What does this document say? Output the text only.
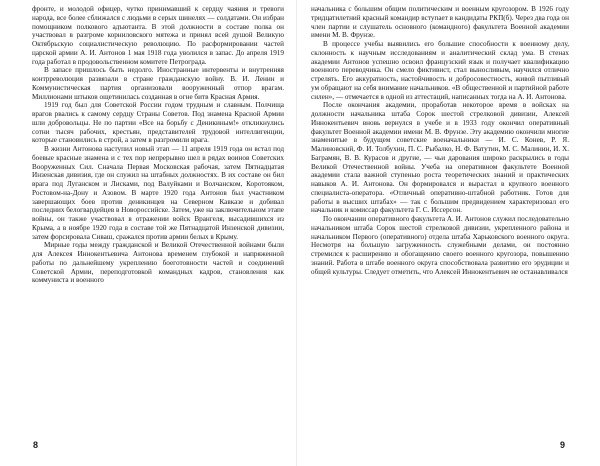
фронте, и молодой офицер, чутко принимавший к сердцу чаяния и тревоги народа, все более сближался с людьми в серых шинелях — солдатами. Он избран помощником полкового адъютанта. В этой должности в составе полка он участвовал в разгроме корниловского мятежа и принял всей душой Великую Октябрьскую социалистическую революцию. По расформировании частей царской армии А. И. Антонов 1 мая 1918 года уволился в запас. До апреля 1919 года работал в продовольственном комитете Петрограда.

В запасе пришлось быть недолго. Иностранные интервенты и внутренняя контрреволюция развязали в стране гражданскую войну. В. И. Ленин и Коммунистическая партия организовали вооруженный отпор врагам. Миллионами штыков ощетинилась созданная в огне битв Красная Армия.

1919 год был для Советской России годом трудным и славным. Полчища врагов рвались к самому сердцу Страны Советов. Под знамена Красной Армии шли добровольцы. Не по партии «Все на борьбу с Деникиным!» откликнулись сотни тысяч рабочих, крестьян, представителей трудовой интеллигенции, которые становились в строй, а затем в разгромили врага.

В жизни Антонова наступил новый этап — 11 апреля 1919 года он встал под боевые красные знамена и с тех пор непрерывно шел в рядах воинов Советских Вооруженных Сил. Сначала Первая Московская рабочая, затем Пятнадцатая Инзенская дивизия, где он служил на штабных должностях. В их составе он бил врага под Луганском и Лисками, под Валуйками и Волчанском, Коротояком, Ростовом-на-Дону и Азовом. В марте 1920 года Антонов был участником завершающих боев против деникинцев на Северном Кавказе и добивал последних белогвардейцев в Новороссийске. Затем, уже на заключительном этапе войны, он также участвовал в отражении войск Врангеля, высадившихся из Крыма, а в ноябре 1920 года в составе той же Пятнадцатой Инзенской дивизии, затем форсировала Сиваш, сражался против армии белых в Крыму.

Мирные годы между гражданской и Великой Отечественной войнами были для Алексея Иннокентьевича Антонова временем глубокой и напряженной работы по дальнейшему укреплению боеготовности частей и соединений Советской Армии, переподготовкой командных кадров, становления как коммуниста и военного

начальника с большим общим политическим и военным кругозором. В 1926 году тридцатилетний красный командир вступает в кандидаты РКП(б). Через два года он член партии и слушатель основного (командного) факультета Военной академии имени М. В. Фрунзе.

В процессе учебы выявились его большие способности к военному делу, склонность к научным исследованиям и аналитический склад ума. В стенах академии Антонов успешно освоил французский язык и получает квалификацию военного переводчика. Он смело фиктивист, стал выносливым, научился отлично стрелять. Его аккуратность, настойчивость и добросовестность, живой пытливый ум обращают на себя внимание начальников. «В общественной и партийной работе силен», — отмечается в одной из аттестаций, написанных тогда на А. И. Антонова.

После окончания академии, проработав некоторое время в войсках на должности начальника штаба Сорок шестой стрелковой дивизии, Алексей Иннокентьевич вновь вернулся в учебе и в 1933 году окончил оперативный факультет Военной академии имени М. В. Фрунзе. Эту академию окончили многие знаменитые в будущем советские военачальники — И. С. Конев, Р. Я. Малиновский, Ф. И. Толбухин, П. С. Рыбалко, Н. Ф. Ватутин, М. С. Малинин, И. Х. Баграмян, В. В. Курасов и другие, — чьи дарования широко раскрылись в годы Великой Отечественной войны. Учеба на оперативном факультете Военной академии стала важной ступенью роста теоретических знаний и практических навыков А. И. Антонова. Он формировался и вырастал в крупного военного специалиста-оператора. «Отличный оперативно-штабной работник. Готов для работы в высших штабах» — так с большим предвидением характеризовал его начальник и комиссар факультета Г. С. Иссерсон.

По окончании оперативного факультета А. И. Антонов служил последовательно начальником штаба Сорок шестой стрелковой дивизии, укрепленного района и начальником Первого (оперативного) отдела штаба Харьковского военного округа. Несмотря на большую загруженность служебными делами, он постоянно стремился к расширению и обогащению своего военного кругозора, повышению знаний. Работа в штабе военного округа способствовала развитию его эрудиции и общей культуры. Следует отметить, что Алексей Иннокентьевич не останавливался

8	9
